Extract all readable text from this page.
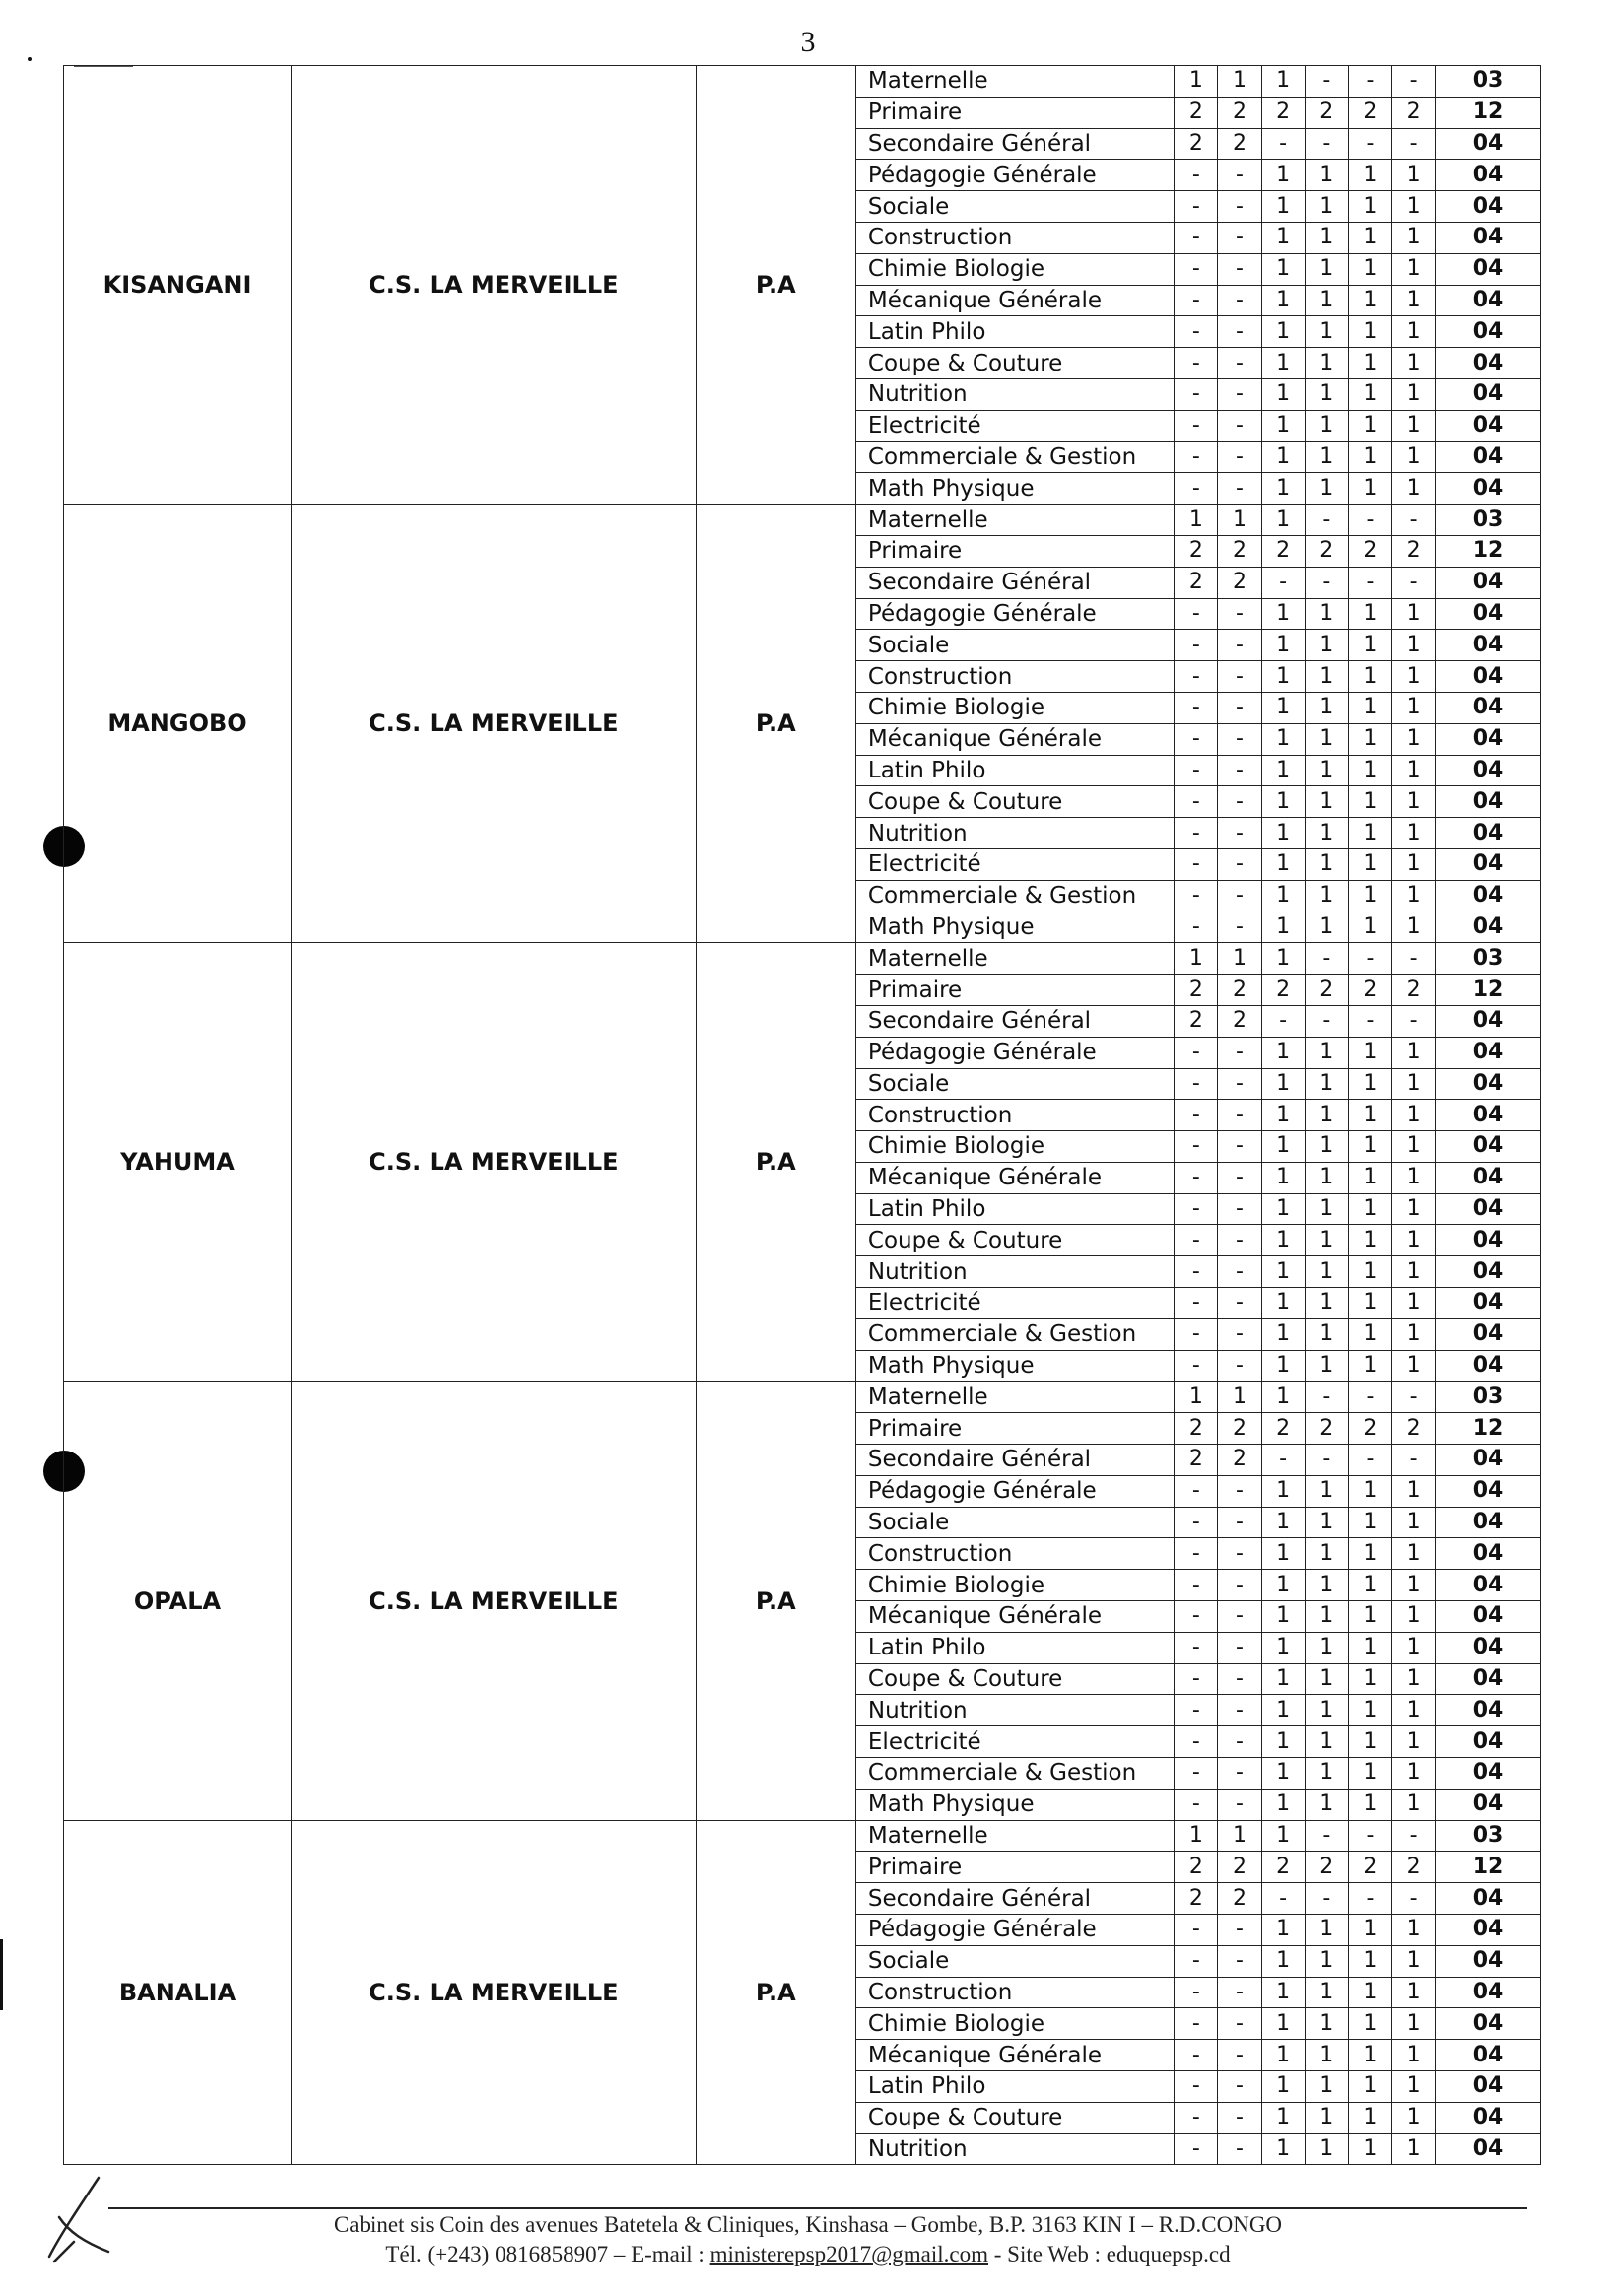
3
KISANGANI	C.S. LA MERVEILLE	P.A	Maternelle	1	1	1	-	-	-	03
			Primaire	2	2	2	2	2	2	12
			Secondaire Général	2	2	-	-	-	-	04
			Pédagogie Générale	-	-	1	1	1	1	04
			Sociale	-	-	1	1	1	1	04
			Construction	-	-	1	1	1	1	04
			Chimie Biologie	-	-	1	1	1	1	04
			Mécanique Générale	-	-	1	1	1	1	04
			Latin Philo	-	-	1	1	1	1	04
			Coupe & Couture	-	-	1	1	1	1	04
			Nutrition	-	-	1	1	1	1	04
			Electricité	-	-	1	1	1	1	04
			Commerciale & Gestion	-	-	1	1	1	1	04
			Math Physique	-	-	1	1	1	1	04
MANGOBO	C.S. LA MERVEILLE	P.A	Maternelle	1	1	1	-	-	-	03
			Primaire	2	2	2	2	2	2	12
			Secondaire Général	2	2	-	-	-	-	04
			Pédagogie Générale	-	-	1	1	1	1	04
			Sociale	-	-	1	1	1	1	04
			Construction	-	-	1	1	1	1	04
			Chimie Biologie	-	-	1	1	1	1	04
			Mécanique Générale	-	-	1	1	1	1	04
			Latin Philo	-	-	1	1	1	1	04
			Coupe & Couture	-	-	1	1	1	1	04
			Nutrition	-	-	1	1	1	1	04
			Electricité	-	-	1	1	1	1	04
			Commerciale & Gestion	-	-	1	1	1	1	04
			Math Physique	-	-	1	1	1	1	04
YAHUMA	C.S. LA MERVEILLE	P.A	Maternelle	1	1	1	-	-	-	03
			Primaire	2	2	2	2	2	2	12
			Secondaire Général	2	2	-	-	-	-	04
			Pédagogie Générale	-	-	1	1	1	1	04
			Sociale	-	-	1	1	1	1	04
			Construction	-	-	1	1	1	1	04
			Chimie Biologie	-	-	1	1	1	1	04
			Mécanique Générale	-	-	1	1	1	1	04
			Latin Philo	-	-	1	1	1	1	04
			Coupe & Couture	-	-	1	1	1	1	04
			Nutrition	-	-	1	1	1	1	04
			Electricité	-	-	1	1	1	1	04
			Commerciale & Gestion	-	-	1	1	1	1	04
			Math Physique	-	-	1	1	1	1	04
OPALA	C.S. LA MERVEILLE	P.A	Maternelle	1	1	1	-	-	-	03
			Primaire	2	2	2	2	2	2	12
			Secondaire Général	2	2	-	-	-	-	04
			Pédagogie Générale	-	-	1	1	1	1	04
			Sociale	-	-	1	1	1	1	04
			Construction	-	-	1	1	1	1	04
			Chimie Biologie	-	-	1	1	1	1	04
			Mécanique Générale	-	-	1	1	1	1	04
			Latin Philo	-	-	1	1	1	1	04
			Coupe & Couture	-	-	1	1	1	1	04
			Nutrition	-	-	1	1	1	1	04
			Electricité	-	-	1	1	1	1	04
			Commerciale & Gestion	-	-	1	1	1	1	04
			Math Physique	-	-	1	1	1	1	04
BANALIA	C.S. LA MERVEILLE	P.A	Maternelle	1	1	1	-	-	-	03
			Primaire	2	2	2	2	2	2	12
			Secondaire Général	2	2	-	-	-	-	04
			Pédagogie Générale	-	-	1	1	1	1	04
			Sociale	-	-	1	1	1	1	04
			Construction	-	-	1	1	1	1	04
			Chimie Biologie	-	-	1	1	1	1	04
			Mécanique Générale	-	-	1	1	1	1	04
			Latin Philo	-	-	1	1	1	1	04
			Coupe & Couture	-	-	1	1	1	1	04
			Nutrition	-	-	1	1	1	1	04
Cabinet sis Coin des avenues Batetela & Cliniques, Kinshasa – Gombe, B.P. 3163 KIN I – R.D.CONGO
Tél. (+243) 0816858907 – E-mail : ministerepsp2017@gmail.com - Site Web : eduquepsp.cd
